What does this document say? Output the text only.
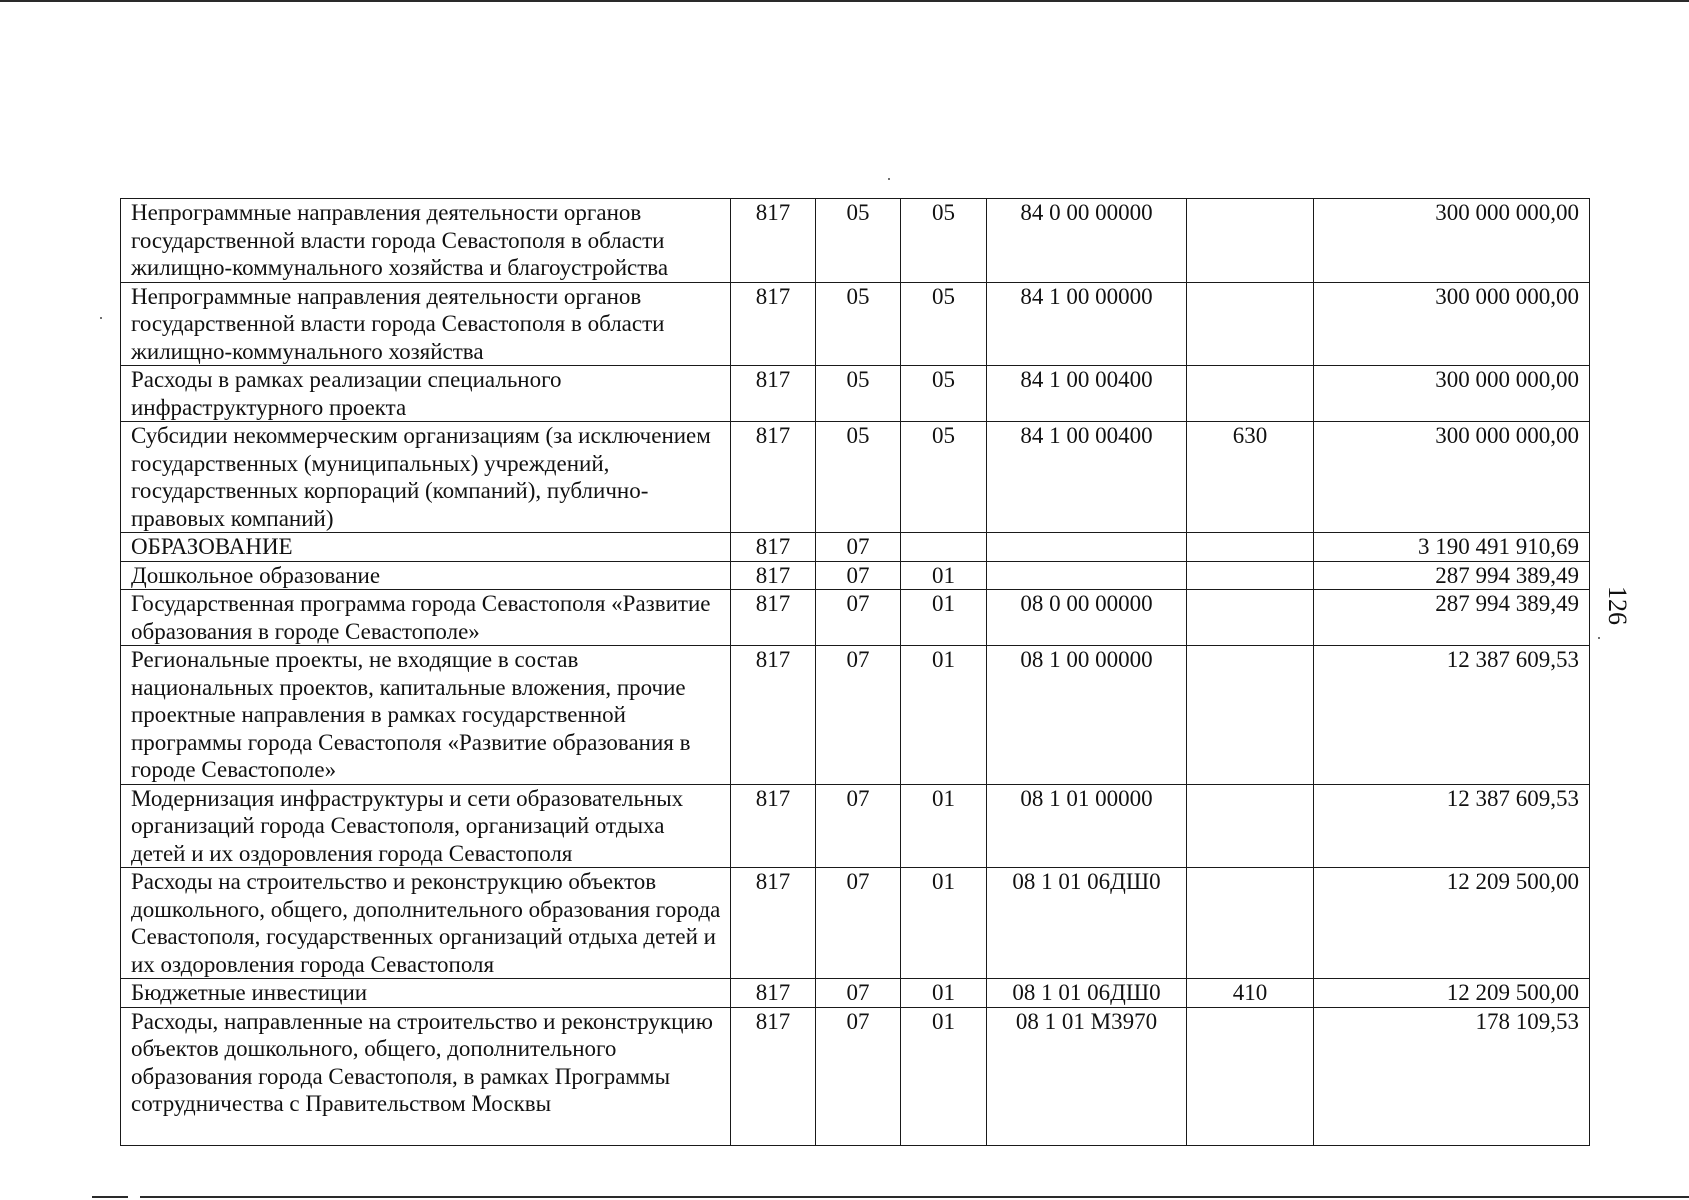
Непрограммные направления деятельности органов государственной власти города Севастополя в области жилищно-коммунального хозяйства и благоустройства	817	05	05	84 0 00 00000		300 000 000,00
Непрограммные направления деятельности органов государственной власти города Севастополя в области жилищно-коммунального хозяйства	817	05	05	84 1 00 00000		300 000 000,00
Расходы в рамках реализации специального инфраструктурного проекта	817	05	05	84 1 00 00400		300 000 000,00
Субсидии некоммерческим организациям (за исключением государственных (муниципальных) учреждений, государственных корпораций (компаний), публично-правовых компаний)	817	05	05	84 1 00 00400	630	300 000 000,00
ОБРАЗОВАНИЕ	817	07				3 190 491 910,69
Дошкольное образование	817	07	01			287 994 389,49
Государственная программа города Севастополя «Развитие образования в городе Севастополе»	817	07	01	08 0 00 00000		287 994 389,49
Региональные проекты, не входящие в состав национальных проектов, капитальные вложения, прочие проектные направления в рамках государственной программы города Севастополя «Развитие образования в городе Севастополе»	817	07	01	08 1 00 00000		12 387 609,53
Модернизация инфраструктуры и сети образовательных организаций города Севастополя, организаций отдыха детей и их оздоровления города Севастополя	817	07	01	08 1 01 00000		12 387 609,53
Расходы на строительство и реконструкцию объектов дошкольного, общего, дополнительного образования города Севастополя, государственных организаций отдыха детей и их оздоровления города Севастополя	817	07	01	08 1 01 06ДШ0		12 209 500,00
Бюджетные инвестиции	817	07	01	08 1 01 06ДШ0	410	12 209 500,00
Расходы, направленные на строительство и реконструкцию объектов дошкольного, общего, дополнительного образования города Севастополя, в рамках Программы сотрудничества с Правительством Москвы	817	07	01	08 1 01 М3970		178 109,53
126
